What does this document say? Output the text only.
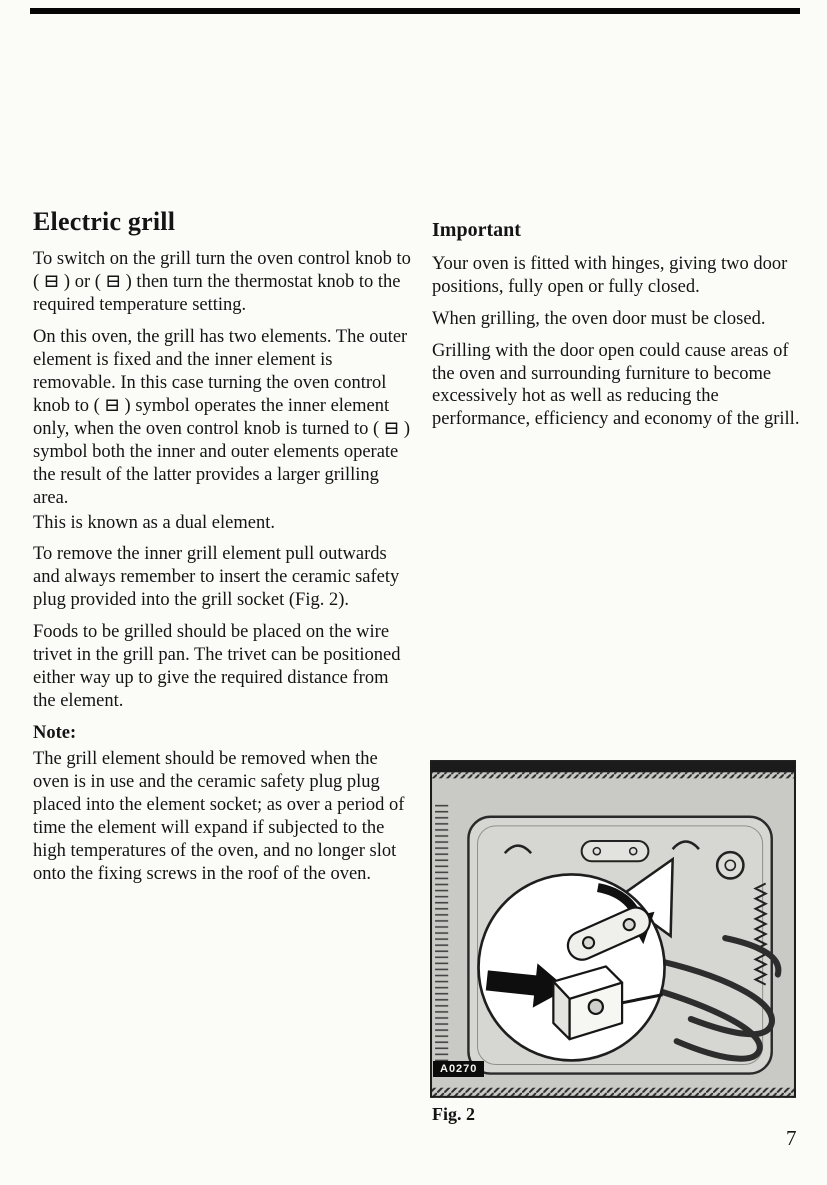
Electric grill

To switch on the grill turn the oven control knob to ( ⊟ ) or ( ⊟ ) then turn the thermostat knob to the required temperature setting.

On this oven, the grill has two elements. The outer element is fixed and the inner element is removable. In this case turning the oven control knob to ( ⊟ ) symbol operates the inner element only, when the oven control knob is turned to ( ⊟ ) symbol both the inner and outer elements operate the result of the latter provides a larger grilling area.

This is known as a dual element.

To remove the inner grill element pull outwards and always remember to insert the ceramic safety plug provided into the grill socket (Fig. 2).

Foods to be grilled should be placed on the wire trivet in the grill pan. The trivet can be positioned either way up to give the required distance from the element.

Note:

The grill element should be removed when the oven is in use and the ceramic safety plug plug placed into the element socket; as over a period of time the element will expand if subjected to the high temperatures of the oven, and no longer slot onto the fixing screws in the roof of the oven.

Important

Your oven is fitted with hinges, giving two door positions, fully open or fully closed.

When grilling, the oven door must be closed.

Grilling with the door open could cause areas of the oven and surrounding furniture to become excessively hot as well as reducing the performance, efficiency and economy of the grill.

A0270
Fig. 2
7
